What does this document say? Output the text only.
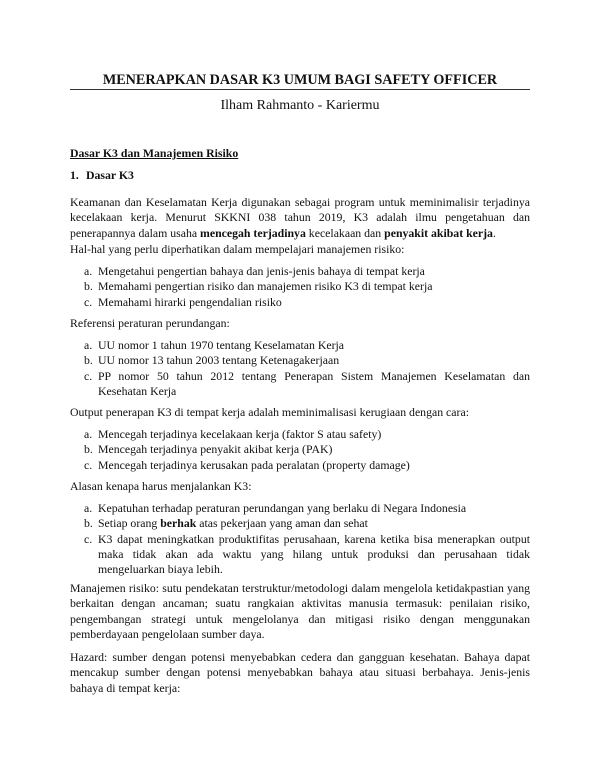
MENERAPKAN DASAR K3 UMUM BAGI SAFETY OFFICER
Ilham Rahmanto - Kariermu
Dasar K3 dan Manajemen Risiko
1. Dasar K3
Keamanan dan Keselamatan Kerja digunakan sebagai program untuk meminimalisir terjadinya kecelakaan kerja. Menurut SKKNI 038 tahun 2019, K3 adalah ilmu pengetahuan dan penerapannya dalam usaha mencegah terjadinya kecelakaan dan penyakit akibat kerja.
Hal-hal yang perlu diperhatikan dalam mempelajari manajemen risiko:
a. Mengetahui pengertian bahaya dan jenis-jenis bahaya di tempat kerja
b. Memahami pengertian risiko dan manajemen risiko K3 di tempat kerja
c. Memahami hirarki pengendalian risiko
Referensi peraturan perundangan:
a. UU nomor 1 tahun 1970 tentang Keselamatan Kerja
b. UU nomor 13 tahun 2003 tentang Ketenagakerjaan
c. PP nomor 50 tahun 2012 tentang Penerapan Sistem Manajemen Keselamatan dan Kesehatan Kerja
Output penerapan K3 di tempat kerja adalah meminimalisasi kerugiaan dengan cara:
a. Mencegah terjadinya kecelakaan kerja (faktor S atau safety)
b. Mencegah terjadinya penyakit akibat kerja (PAK)
c. Mencegah terjadinya kerusakan pada peralatan (property damage)
Alasan kenapa harus menjalankan K3:
a. Kepatuhan terhadap peraturan perundangan yang berlaku di Negara Indonesia
b. Setiap orang berhak atas pekerjaan yang aman dan sehat
c. K3 dapat meningkatkan produktifitas perusahaan, karena ketika bisa menerapkan output maka tidak akan ada waktu yang hilang untuk produksi dan perusahaan tidak mengeluarkan biaya lebih.
Manajemen risiko: sutu pendekatan terstruktur/metodologi dalam mengelola ketidakpastian yang berkaitan dengan ancaman; suatu rangkaian aktivitas manusia termasuk: penilaian risiko, pengembangan strategi untuk mengelolanya dan mitigasi risiko dengan menggunakan pemberdayaan pengelolaan sumber daya.
Hazard: sumber dengan potensi menyebabkan cedera dan gangguan kesehatan. Bahaya dapat mencakup sumber dengan potensi menyebabkan bahaya atau situasi berbahaya. Jenis-jenis bahaya di tempat kerja:
